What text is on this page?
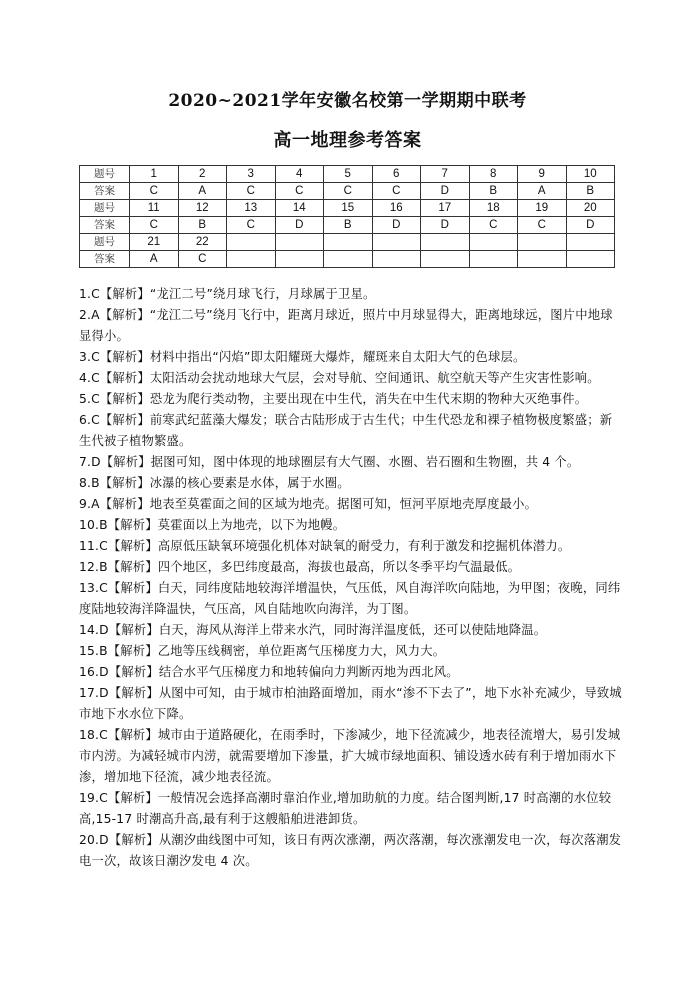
2020~2021学年安徽名校第一学期期中联考
高一地理参考答案
题号	1	2	3	4	5	6	7	8	9	10
答案	C	A	C	C	C	C	D	B	A	B
题号	11	12	13	14	15	16	17	18	19	20
答案	C	B	C	D	B	D	D	C	C	D
题号	21	22								
答案	A	C								

1.C【解析】“龙江二号”绕月球飞行，月球属于卫星。

2.A【解析】“龙江二号”绕月飞行中，距离月球近，照片中月球显得大，距离地球远，图片中地球显得小。

3.C【解析】材料中指出“闪焰”即太阳耀斑大爆炸，耀斑来自太阳大气的色球层。

4.C【解析】太阳活动会扰动地球大气层，会对导航、空间通讯、航空航天等产生灾害性影响。

5.C【解析】恐龙为爬行类动物，主要出现在中生代，消失在中生代末期的物种大灭绝事件。

6.C【解析】前寒武纪蓝藻大爆发；联合古陆形成于古生代；中生代恐龙和裸子植物极度繁盛；新生代被子植物繁盛。

7.D【解析】据图可知，图中体现的地球圈层有大气圈、水圈、岩石圈和生物圈，共 4 个。

8.B【解析】冰瀑的核心要素是水体，属于水圈。

9.A【解析】地表至莫霍面之间的区域为地壳。据图可知，恒河平原地壳厚度最小。

10.B【解析】莫霍面以上为地壳，以下为地幔。

11.C【解析】高原低压缺氧环境强化机体对缺氧的耐受力，有利于激发和挖掘机体潜力。

12.B【解析】四个地区，多巴纬度最高，海拔也最高，所以冬季平均气温最低。

13.C【解析】白天，同纬度陆地较海洋增温快，气压低，风自海洋吹向陆地，为甲图；夜晚，同纬度陆地较海洋降温快，气压高，风自陆地吹向海洋，为丁图。

14.D【解析】白天，海风从海洋上带来水汽，同时海洋温度低，还可以使陆地降温。

15.B【解析】乙地等压线稠密，单位距离气压梯度力大，风力大。

16.D【解析】结合水平气压梯度力和地转偏向力判断丙地为西北风。

17.D【解析】从图中可知，由于城市柏油路面增加，雨水“渗不下去了”，地下水补充减少，导致城市地下水水位下降。

18.C【解析】城市由于道路硬化，在雨季时，下渗减少，地下径流减少，地表径流增大，易引发城市内涝。为减轻城市内涝，就需要增加下渗量，扩大城市绿地面积、铺设透水砖有利于增加雨水下渗，增加地下径流，减少地表径流。

19.C【解析】一般情况会选择高潮时靠泊作业,增加助航的力度。结合图判断,17 时高潮的水位较高,15-17 时潮高升高,最有利于这艘船舶进港卸货。

20.D【解析】从潮汐曲线图中可知，该日有两次涨潮，两次落潮，每次涨潮发电一次，每次落潮发电一次，故该日潮汐发电 4 次。
